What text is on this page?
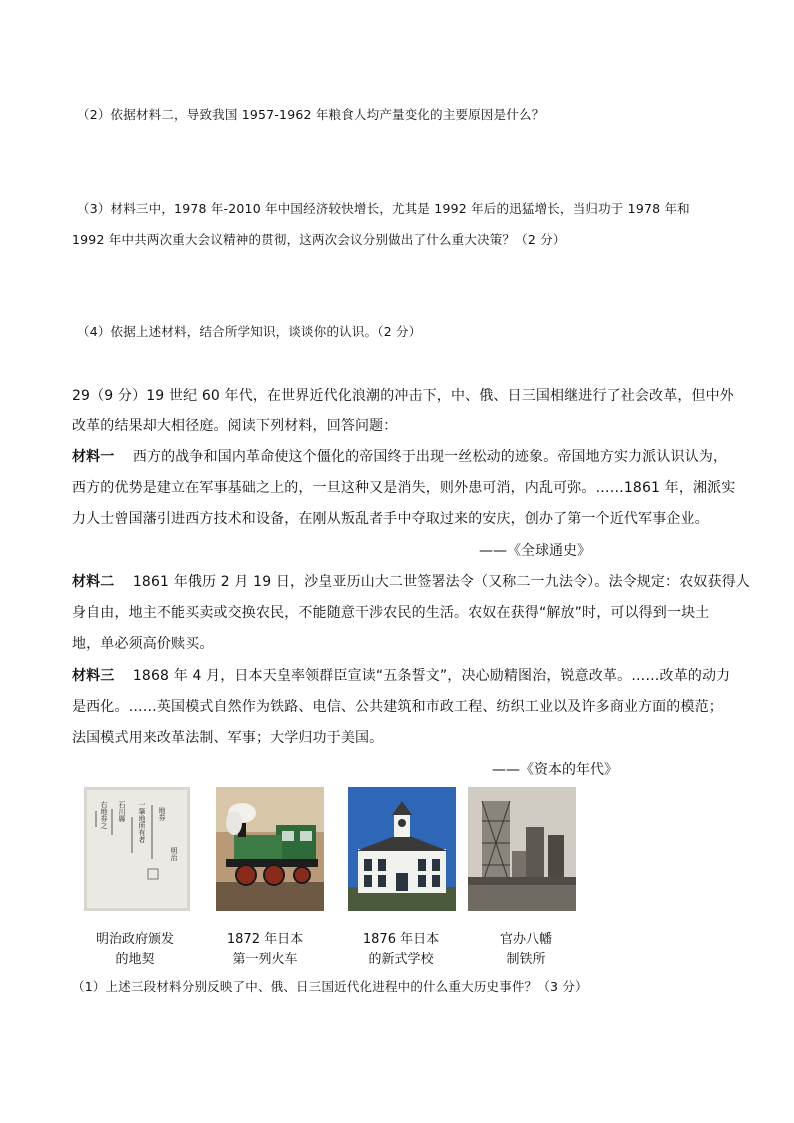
（2）依据材料二，导致我国 1957-1962 年粮食人均产量变化的主要原因是什么？
（3）材料三中，1978 年-2010 年中国经济较快增长，尤其是 1992 年后的迅猛增长，当归功于 1978 年和
1992 年中共两次重大会议精神的贯彻，这两次会议分别做出了什么重大决策？（2 分）
（4）依据上述材料，结合所学知识，谈谈你的认识。（2 分）
29（9 分）19 世纪 60 年代，在世界近代化浪潮的冲击下，中、俄、日三国相继进行了社会改革，但中外
改革的结果却大相径庭。阅读下列材料，回答问题：
材料一 西方的战争和国内革命使这个僵化的帝国终于出现一丝松动的迹象。帝国地方实力派认识认为，
西方的优势是建立在军事基础之上的，一旦这种又是消失，则外患可消，内乱可弥。……1861 年，湘派实
力人士曾国藩引进西方技术和设备，在刚从叛乱者手中夺取过来的安庆，创办了第一个近代军事企业。
——《全球通史》
材料二 1861 年俄历 2 月 19 日，沙皇亚历山大二世签署法令（又称二一九法令）。法令规定：农奴获得人
身自由，地主不能买卖或交换农民，不能随意干涉农民的生活。农奴在获得“解放”时，可以得到一块土
地，单必须高价赎买。
材料三 1868 年 4 月，日本天皇率领群臣宣读“五条誓文”，决心励精图治，锐意改革。……改革的动力
是西化。……英国模式自然作为铁路、电信、公共建筑和市政工程、纺织工业以及许多商业方面的模范；
法国模式用来改革法制、军事；大学归功于美国。
——《资本的年代》
地券
一筆地所有者
石川縣
右地券之
明治
明治政府颁发
的地契
1872 年日本
第一列火车
1876 年日本
的新式学校
官办八幡
制铁所
（1）上述三段材料分别反映了中、俄、日三国近代化进程中的什么重大历史事件？（3 分）
